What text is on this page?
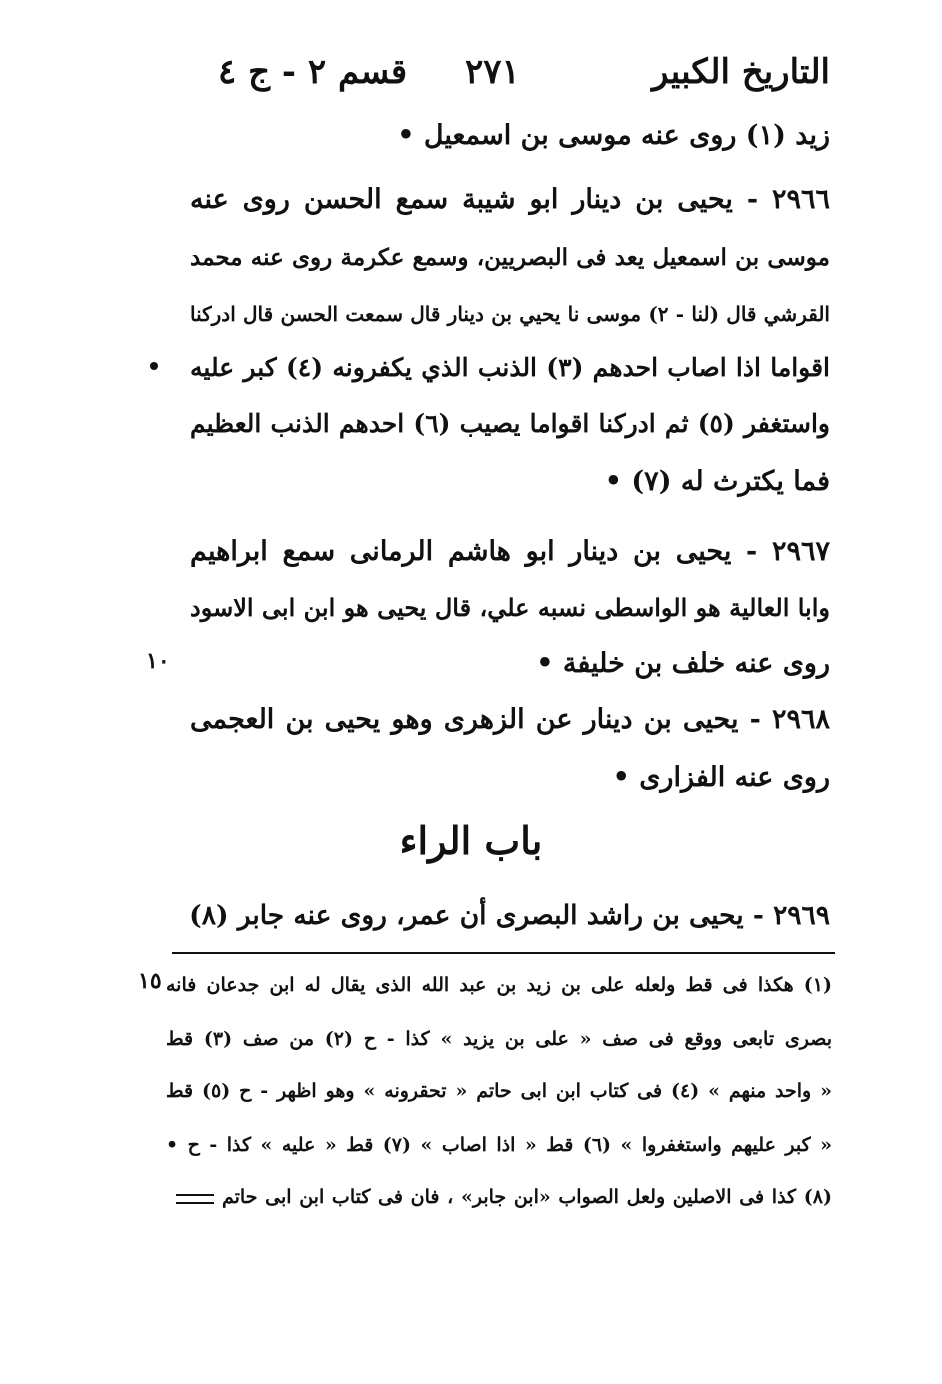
التاريخ الكبير
٢٧١
قسم ٢ - ج ٤
زيد (١) روى عنه موسى بن اسمعيل •
٢٩٦٦ - يحيى بن دينار ابو شيبة سمع الحسن روى عنه
موسى بن اسمعيل يعد فى البصريين، وسمع عكرمة روى عنه محمد
القرشي قال (لنا - ٢) موسى نا يحيي بن دينار قال سمعت الحسن قال ادركنا
اقواما اذا اصاب احدهم (٣) الذنب الذي يكفرونه (٤) كبر عليه
واستغفر (٥) ثم ادركنا اقواما يصيب (٦) احدهم الذنب العظيم
فما يكترث له (٧) •
٢٩٦٧ - يحيى بن دينار ابو هاشم الرمانى سمع ابراهيم
وابا العالية هو الواسطى نسبه علي، قال يحيى هو ابن ابى الاسود
روى عنه خلف بن خليفة •
١٠
٢٩٦٨ - يحيى بن دينار عن الزهرى وهو يحيى بن العجمى
روى عنه الفزارى •
باب الراء
٢٩٦٩ - يحيى بن راشد البصرى أن عمر، روى عنه جابر (٨)
١٥ (١) هكذا فى قط ولعله على بن زيد بن عبد الله الذى يقال له ابن جدعان فانه
بصرى تابعى ووقع فى صف « على بن يزيد » كذا - ح (٢) من صف (٣) قط
« واحد منهم » (٤) فى كتاب ابن ابى حاتم « تحقرونه » وهو اظهر - ح (٥) قط
« كبر عليهم واستغفروا » (٦) قط « اذا اصاب » (٧) قط « عليه » كذا - ح •
(٨) كذا فى الاصلين ولعل الصواب «ابن جابر» ، فان فى كتاب ابن ابى حاتم
